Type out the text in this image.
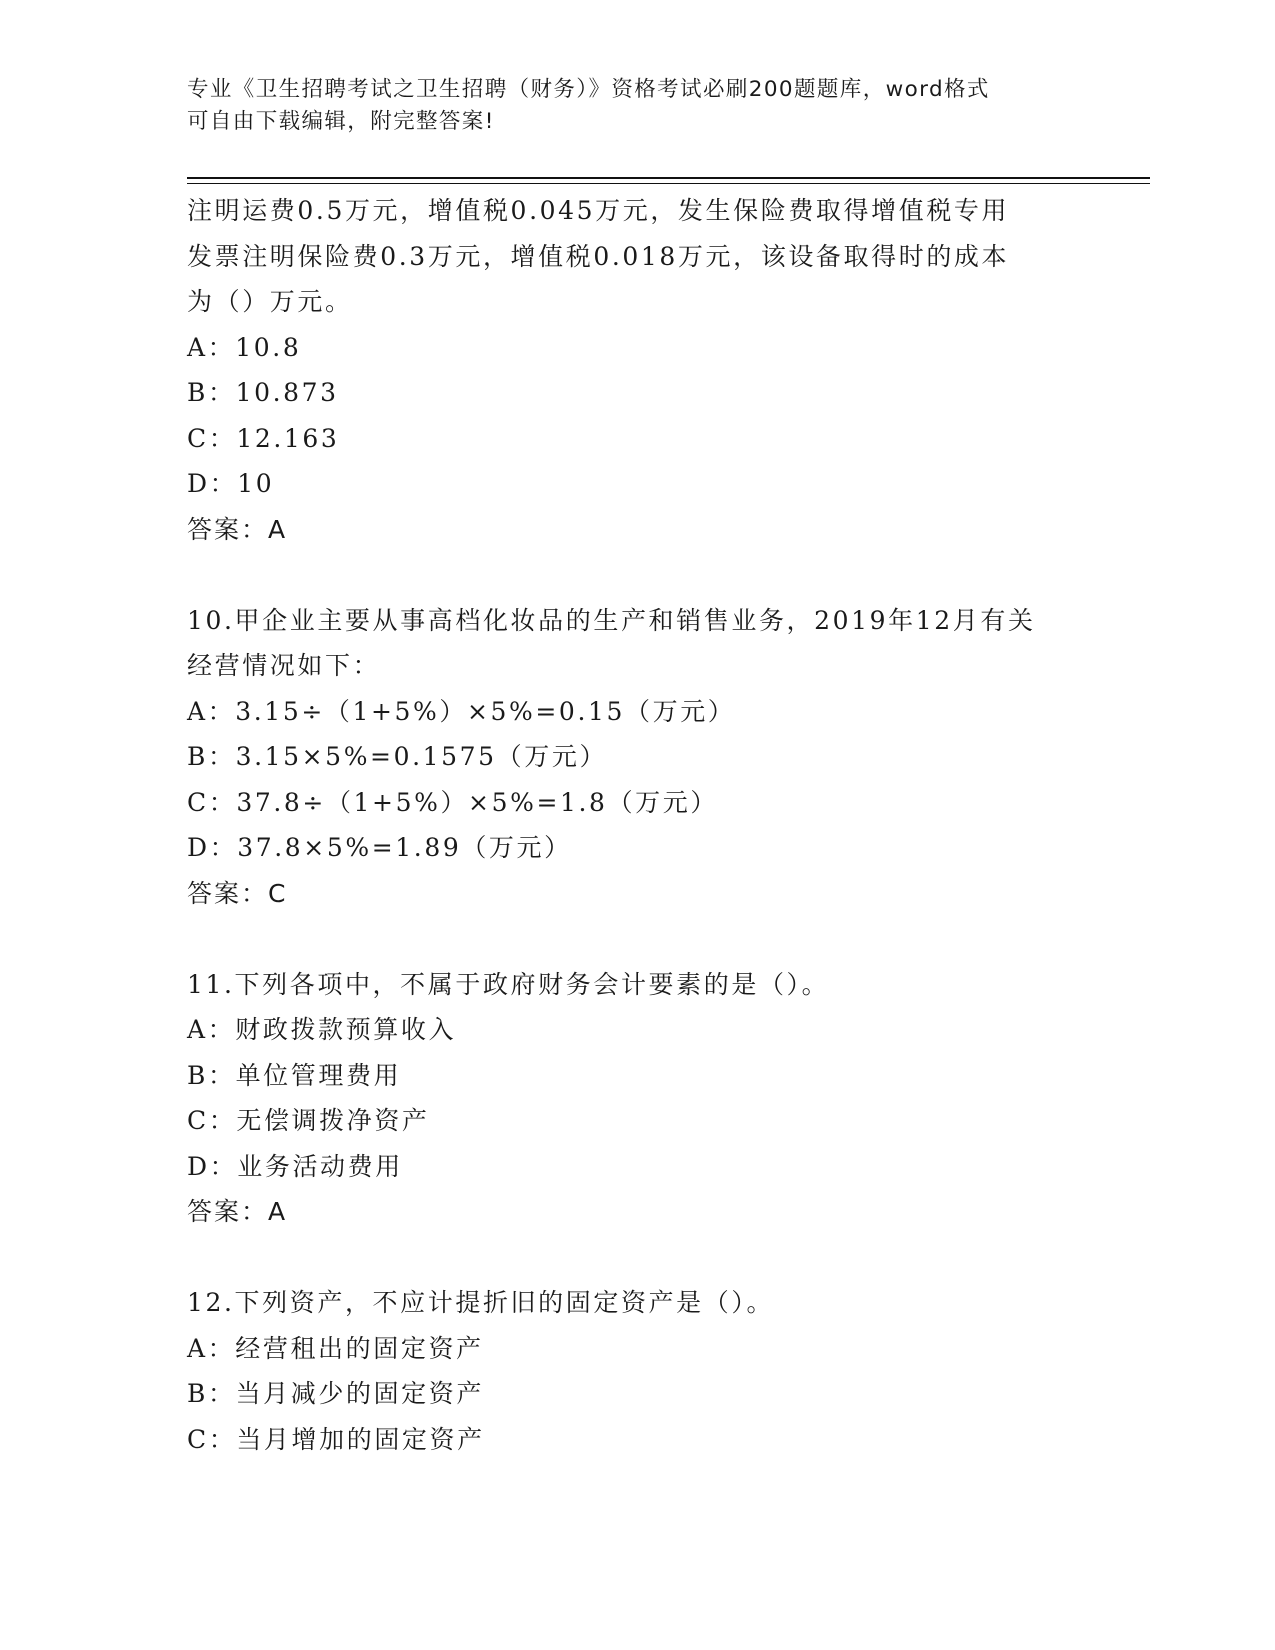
专业《卫生招聘考试之卫生招聘（财务）》资格考试必刷200题题库，word格式
可自由下载编辑，附完整答案!
注明运费0.5万元，增值税0.045万元，发生保险费取得增值税专用
发票注明保险费0.3万元，增值税0.018万元，该设备取得时的成本
为（）万元。
A：10.8
B：10.873
C：12.163
D：10
答案：A
10.甲企业主要从事高档化妆品的生产和销售业务，2019年12月有关
经营情况如下：
A：3.15÷（1+5%）×5%=0.15（万元）
B：3.15×5%=0.1575（万元）
C：37.8÷（1+5%）×5%=1.8（万元）
D：37.8×5%=1.89（万元）
答案：C
11.下列各项中，不属于政府财务会计要素的是（）。
A：财政拨款预算收入
B：单位管理费用
C：无偿调拨净资产
D：业务活动费用
答案：A
12.下列资产，不应计提折旧的固定资产是（）。
A：经营租出的固定资产
B：当月减少的固定资产
C：当月增加的固定资产
